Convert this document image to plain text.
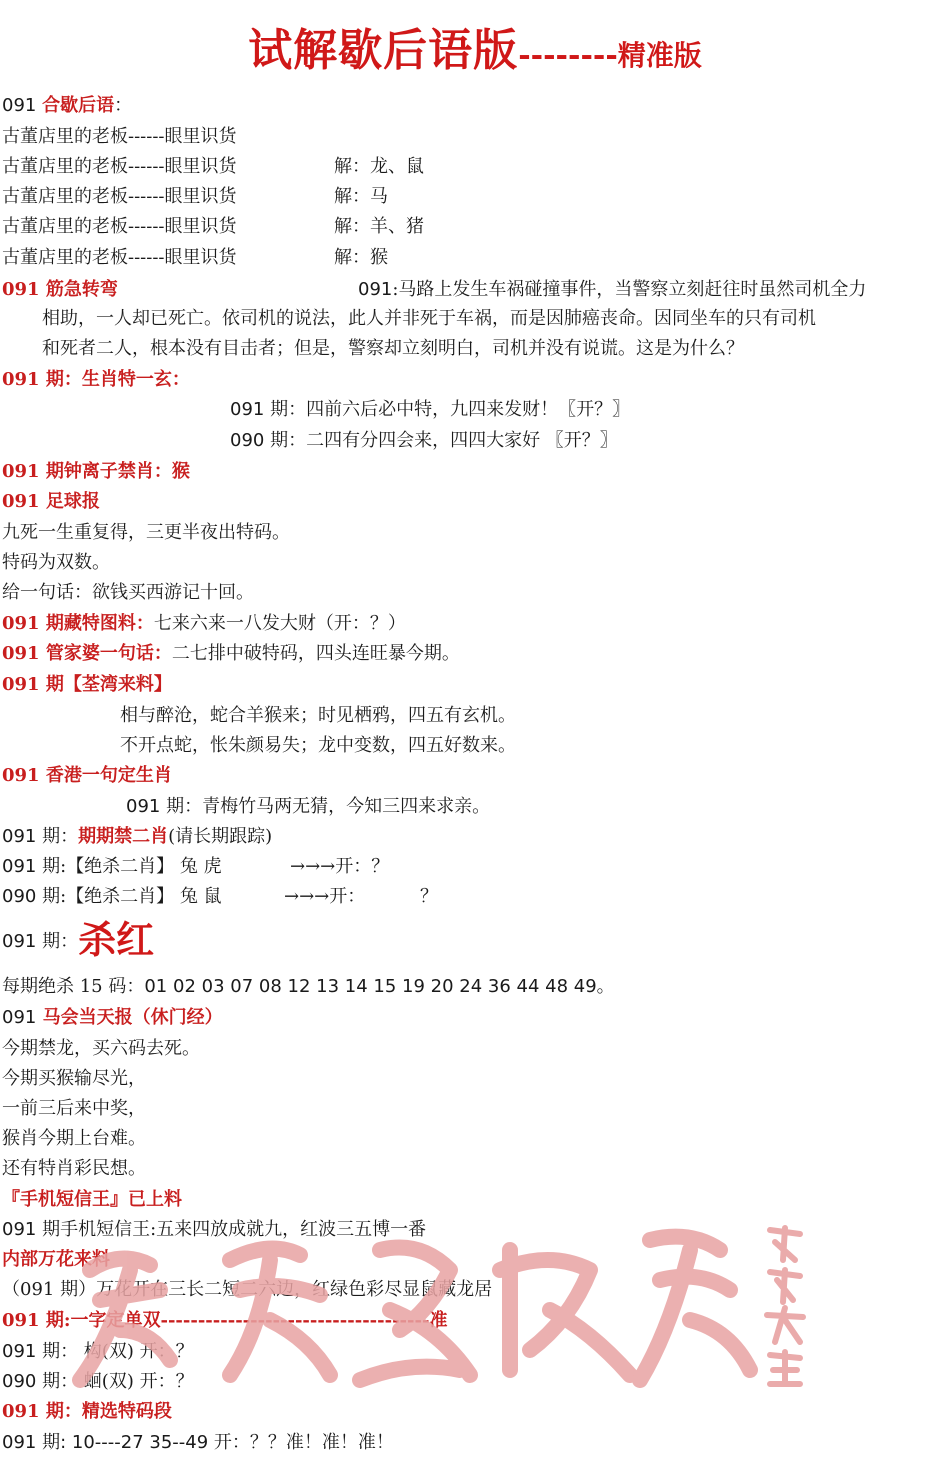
试解歇后语版--------精准版
091 合歇后语：
古董店里的老板------眼里识货
古董店里的老板------眼里识货	解：龙、鼠
古董店里的老板------眼里识货	解：马
古董店里的老板------眼里识货	解：羊、猪
古董店里的老板------眼里识货	解：猴
091 筋急转弯	091:马路上发生车祸碰撞事件，当警察立刻赶往时虽然司机全力
相助，一人却已死亡。依司机的说法，此人并非死于车祸，而是因肺癌丧命。因同坐车的只有司机
和死者二人，根本没有目击者；但是，警察却立刻明白，司机并没有说谎。这是为什么？
091 期：生肖特一玄：
091 期：四前六后必中特，九四来发财！〖开？〗
090 期：二四有分四会来，四四大家好 〖开？〗
091 期钟离子禁肖：猴
091 足球报
九死一生重复得，三更半夜出特码。
特码为双数。
给一句话：欲钱买西游记十回。
091 期藏特图料：七来六来一八发大财（开：？）
091 管家婆一句话：二七排中破特码，四头连旺暴今期。
091 期【荃湾来料】
相与醉沧，蛇合羊猴来；时见栖鸦，四五有玄机。
不开点蛇，怅朱颜易失；龙中变数，四五好数来。
091 香港一句定生肖
091 期：青梅竹马两无猜，今知三四来求亲。
091 期：期期禁二肖(请长期跟踪)
091 期:【绝杀二肖】 兔 虎	→→→开：？
090 期:【绝杀二肖】 兔 鼠	→→→开：	？
091 期：杀红
每期绝杀 15 码：01 02 03 07 08 12 13 14 15 19 20 24 36 44 48 49。
091 马会当天报（休门经）
今期禁龙，买六码去死。
今期买猴输尽光，
一前三后来中奖，
猴肖今期上台难。
还有特肖彩民想。
『手机短信王』已上料
091 期手机短信王:五来四放成就九，红波三五博一番
内部万花来料
（091 期）万花开在三长二短二六边，红绿色彩尽显鼠藏龙居
091 期:一字定单双------------------------------------准
091 期： 构(双) 开：？
090 期： 蛔(双) 开：？
091 期：精选特码段
091 期: 10----27 35--49 开：？？准！准！准！
